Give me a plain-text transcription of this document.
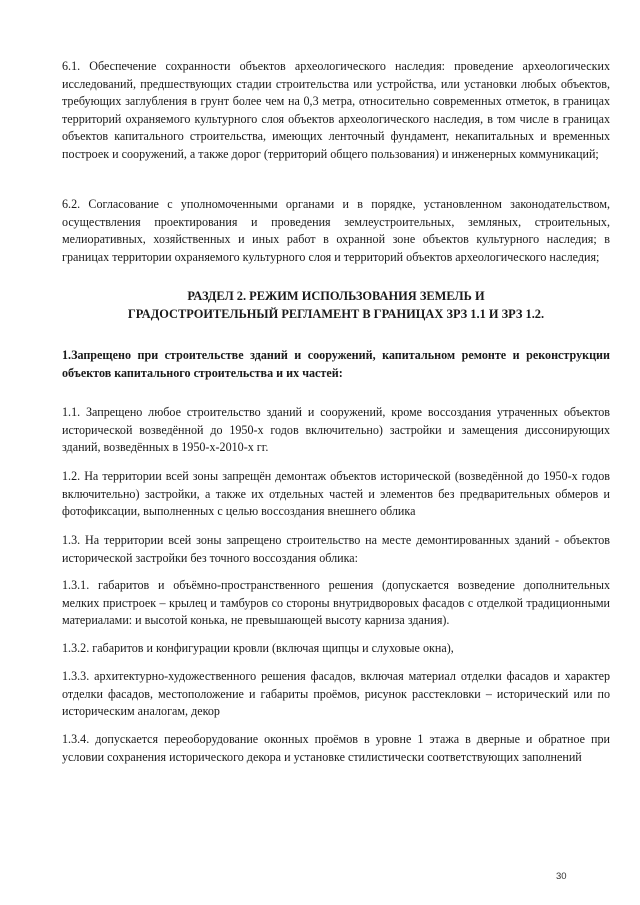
6.1. Обеспечение сохранности объектов археологического наследия: проведение археологических исследований, предшествующих стадии строительства или устройства, или установки любых объектов, требующих заглубления в грунт более чем на 0,3 метра, относительно современных отметок, в границах территорий охраняемого культурного слоя объектов археологического наследия, в том числе в границах объектов капитального строительства, имеющих ленточный фундамент, некапитальных и временных построек и сооружений, а также дорог (территорий общего пользования) и инженерных коммуникаций;

6.2. Согласование с уполномоченными органами и в порядке, установленном законодательством, осуществления проектирования и проведения землеустроительных, земляных, строительных, мелиоративных, хозяйственных и иных работ в охранной зоне объектов культурного наследия; в границах территории охраняемого культурного слоя и территорий объектов археологического наследия;

РАЗДЕЛ 2. РЕЖИМ ИСПОЛЬЗОВАНИЯ ЗЕМЕЛЬ И ГРАДОСТРОИТЕЛЬНЫЙ РЕГЛАМЕНТ В ГРАНИЦАХ ЗРЗ 1.1 И ЗРЗ 1.2.

1.Запрещено при строительстве зданий и сооружений, капитальном ремонте и реконструкции объектов капитального строительства и их частей:

1.1. Запрещено любое строительство зданий и сооружений, кроме воссоздания утраченных объектов исторической возведённой до 1950-х годов включительно) застройки и замещения диссонирующих зданий, возведённых в 1950-х-2010-х гг.

1.2. На территории всей зоны запрещён демонтаж объектов исторической (возведённой до 1950-х годов включительно) застройки, а также их отдельных частей и элементов без предварительных обмеров и фотофиксации, выполненных с целью воссоздания внешнего облика

1.3. На территории всей зоны запрещено строительство на месте демонтированных зданий - объектов исторической застройки без точного воссоздания облика:

1.3.1. габаритов и объёмно-пространственного решения (допускается возведение дополнительных мелких пристроек – крылец и тамбуров со стороны внутридворовых фасадов с отделкой традиционными материалами: и высотой конька, не превышающей высоту карниза здания).

1.3.2. габаритов и конфигурации кровли (включая щипцы и слуховые окна),

1.3.3. архитектурно-художественного решения фасадов, включая материал отделки фасадов и характер отделки фасадов, местоположение и габариты проёмов, рисунок расстекловки – исторический или по историческим аналогам, декор

1.3.4. допускается переоборудование оконных проёмов в уровне 1 этажа в дверные и обратное при условии сохранения исторического декора и установке стилистически соответствующих заполнений

30
